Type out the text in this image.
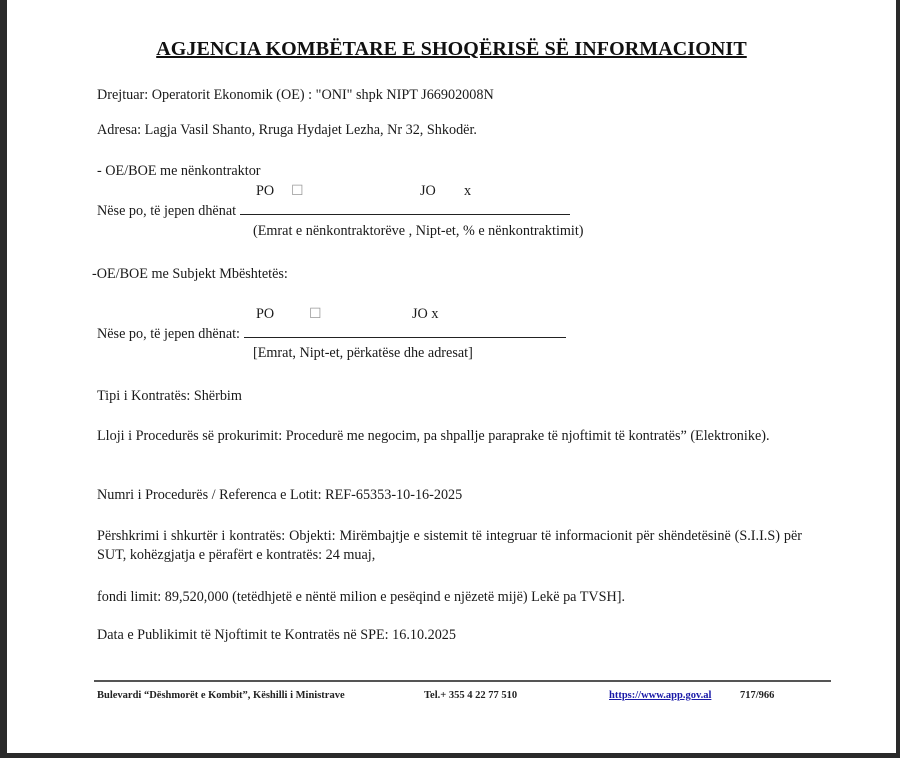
AGJENCIA KOMBËTARE E SHOQËRISË SË INFORMACIONIT
Drejtuar: Operatorit Ekonomik (OE) : "ONI" shpk NIPT J66902008N
Adresa: Lagja Vasil Shanto, Rruga Hydajet Lezha, Nr 32, Shkodër.
- OE/BOE me nënkontraktor
PO ☐	JO x
Nëse po, të jepen dhënat
(Emrat e nënkontraktorëve , Nipt-et, % e nënkontraktimit)
-OE/BOE me Subjekt Mbështetës:
PO ☐	JO x
Nëse po, të jepen dhënat:
[Emrat, Nipt-et, përkatëse dhe adresat]
Tipi i Kontratës: Shërbim
Lloji i Procedurës së prokurimit: Procedurë me negocim, pa shpallje paraprake të njoftimit të kontratës” (Elektronike).
Numri i Procedurës / Referenca e Lotit: REF-65353-10-16-2025
Përshkrimi i shkurtër i kontratës: Objekti: Mirëmbajtje e sistemit të integruar të informacionit për shëndetësinë (S.I.I.S) për SUT, kohëzgjatja e përafërt e kontratës: 24 muaj,
fondi limit: 89,520,000 (tetëdhjetë e nëntë milion e pesëqind e njëzetë mijë) Lekë pa TVSH].
Data e Publikimit të Njoftimit te Kontratës në SPE: 16.10.2025
Bulevardi “Dëshmorët e Kombit”, Këshilli i Ministrave	Tel.+ 355 4 22 77 510	https://www.app.gov.al	717/966
